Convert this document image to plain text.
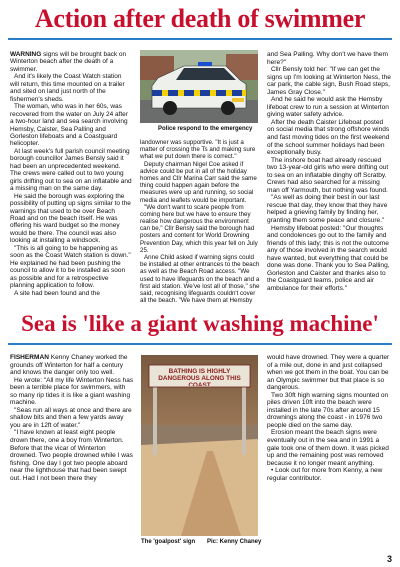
Action after death of swimmer

WARNING signs will be brought back on Winterton beach after the death of a swimmer.

And it's likely the Coast Watch station will return, this time mounted on a trailer and sited on land just north of the fishermen's sheds.

The woman, who was in her 60s, was recovered from the water on July 24 after a two-hour land and sea search involving Hemsby, Caister, Sea Palling and Gorleston lifeboats and a Coastguard helicopter.

At last week's full parish council meeting borough councillor James Bensly said it had been an unprecedented weekend. The crews were called out to two young girls drifting out to sea on an inflatable and a missing man on the same day.

He said the borough was exploring the possibility of putting up signs similar to the warnings that used to be over Beach Road and on the beach itself. He was offering his ward budget so the money would be there. The council was also looking at installing a windsock.

"This is all going to be happening as soon as the Coast Watch station is down." He explained he had been pushing the council to allow it to be installed as soon as possible and for a retrospective planning application to follow.

A site had been found and the

Police respond to the emergency

landowner was supportive. "It is just a matter of crossing the Ts and making sure what we put down there is correct."

Deputy chairman Nigel Coe asked if advice could be put in all of the holiday homes and Cllr Marina Carr said the same thing could happen again before the measures were up and running, so social media and leaflets would be important.

"We don't want to scare people from coming here but we have to ensure they realise how dangerous the environment can be," Cllr Bensly said the borough had posters and content for World Drowning Prevention Day, which this year fell on July 25.

Anne Child asked if warning signs could be installed at other entrances to the beach as well as the Beach Road access. "We used to have lifeguards on the beach and a first aid station. We've lost all of those," she said, recognising lifeguards couldn't cover all the beach. "We have them at Hemsby

and Sea Palling. Why don't we have them here?"

Cllr Bensly told her: "If we can get the signs up I'm looking at Winterton Ness, the car park, the cable sign, Bush Road steps, James Gray Close."

And he said he would ask the Hemsby lifeboat crew to run a session at Winterton giving water safety advice.

After the death Caister Lifeboat posted on social media that strong offshore winds and fast moving tides on the first weekend of the school summer holidays had been exceptionally busy.

The inshore boat had already rescued two 13-year-old girls who were drifting out to sea on an inflatable dinghy off Scratby. Crews had also searched for a missing man off Yarmouth, but nothing was found.

"As well as doing their best in our last rescue that day, they know that they have helped a grieving family by finding her, granting them some peace and closure."

Hemsby lifeboat posted: "Our thoughts and condolences go out to the family and friends of this lady; this is not the outcome any of those involved in the search would have wanted, but everything that could be done was done. Thank you to Sea Palling, Gorleston and Caister and thanks also to the Coastguard teams, police and air ambulance for their efforts."

Sea is 'like a giant washing machine'

FISHERMAN Kenny Chaney worked the grounds off Winterton for half a century and knows the danger only too well.

He wrote: "All my life Winterton Ness has been a terrible place for swimmers, with so many rip tides it is like a giant washing machine.

"Seas run all ways at once and there are shallow bits and then a few yards away you are in 12ft of water."

"I have known at least eight people drown there, one a boy from Winterton. Before that the vicar of Winterton drowned. Two people drowned while I was fishing. One day I got two people aboard near the lighthouse that had been swept out. Had I not been there they

BATHING IS HIGHLY DANGEROUS ALONG THIS COAST
The 'goalpost' sign Pic: Kenny Chaney

would have drowned. They were a quarter of a mile out, done in and just collapsed when we got them in the boat. You can be an Olympic swimmer but that place is so dangerous.

Two 30ft high warning signs mounted on piles driven 10ft into the beach were installed in the late 70s after around 15 drownings along the coast - in 1976 two people died on the same day.

Erosion meant the beach signs were eventually out in the sea and in 1991 a gale took one of them down. It was picked up and the remaining post was removed because it no longer meant anything.

• Look out for more from Kenny, a new regular contributor.

3
